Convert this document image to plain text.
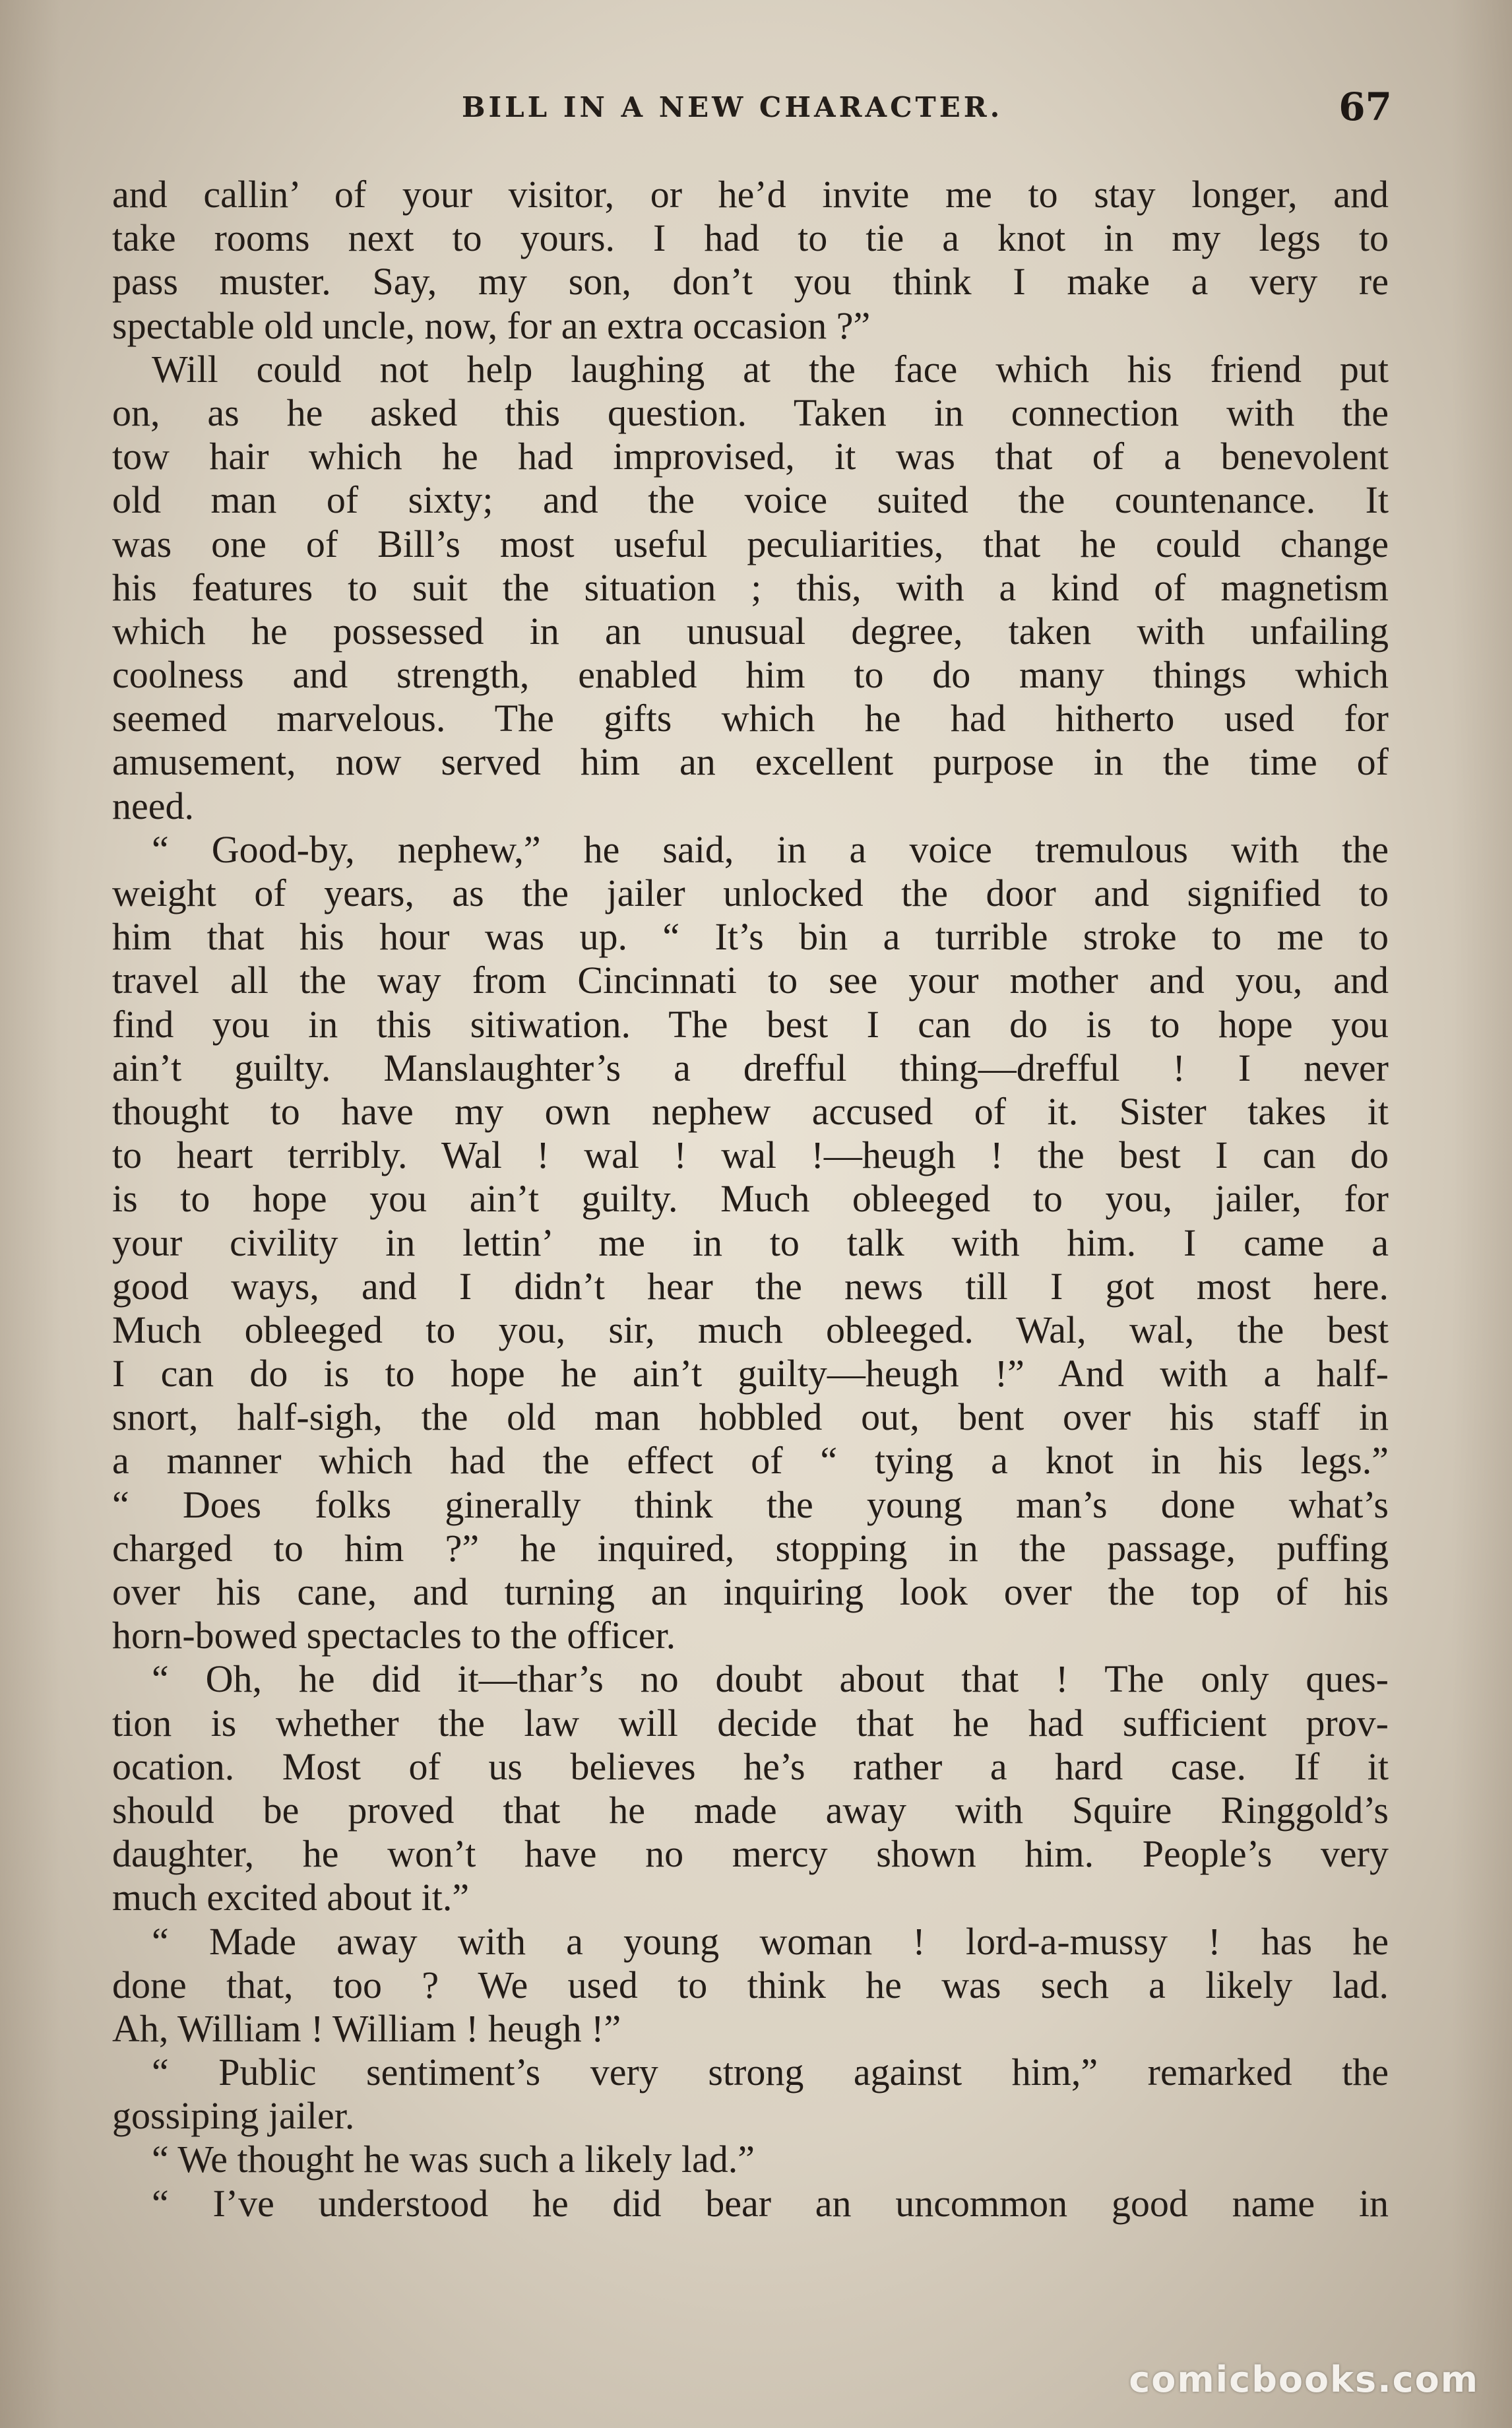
BILL IN A NEW CHARACTER.	67
and callin’ of your visitor, or he’d invite me to stay longer, and
take rooms next to yours. I had to tie a knot in my legs to
pass muster. Say, my son, don’t you think I make a very re
spectable old uncle, now, for an extra occasion ?”
Will could not help laughing at the face which his friend put
on, as he asked this question. Taken in connection with the
tow hair which he had improvised, it was that of a benevolent
old man of sixty; and the voice suited the countenance. It
was one of Bill’s most useful peculiarities, that he could change
his features to suit the situation ; this, with a kind of magnetism
which he possessed in an unusual degree, taken with unfailing
coolness and strength, enabled him to do many things which
seemed marvelous. The gifts which he had hitherto used for
amusement, now served him an excellent purpose in the time of
need.
“ Good-by, nephew,” he said, in a voice tremulous with the
weight of years, as the jailer unlocked the door and signified to
him that his hour was up. “ It’s bin a turrible stroke to me to
travel all the way from Cincinnati to see your mother and you, and
find you in this sitiwation. The best I can do is to hope you
ain’t guilty. Manslaughter’s a drefful thing—drefful ! I never
thought to have my own nephew accused of it. Sister takes it
to heart terribly. Wal ! wal ! wal !—heugh ! the best I can do
is to hope you ain’t guilty. Much obleeged to you, jailer, for
your civility in lettin’ me in to talk with him. I came a
good ways, and I didn’t hear the news till I got most here.
Much obleeged to you, sir, much obleeged. Wal, wal, the best
I can do is to hope he ain’t guilty—heugh !” And with a half-
snort, half-sigh, the old man hobbled out, bent over his staff in
a manner which had the effect of “ tying a knot in his legs.”
“ Does folks ginerally think the young man’s done what’s
charged to him ?” he inquired, stopping in the passage, puffing
over his cane, and turning an inquiring look over the top of his
horn-bowed spectacles to the officer.
“ Oh, he did it—thar’s no doubt about that ! The only ques-
tion is whether the law will decide that he had sufficient prov-
ocation. Most of us believes he’s rather a hard case. If it
should be proved that he made away with Squire Ringgold’s
daughter, he won’t have no mercy shown him. People’s very
much excited about it.”
“ Made away with a young woman ! lord-a-mussy ! has he
done that, too ? We used to think he was sech a likely lad.
Ah, William ! William ! heugh !”
“ Public sentiment’s very strong against him,” remarked the
gossiping jailer.
“ We thought he was such a likely lad.”
“ I’ve understood he did bear an uncommon good name in
comicbooks.com
